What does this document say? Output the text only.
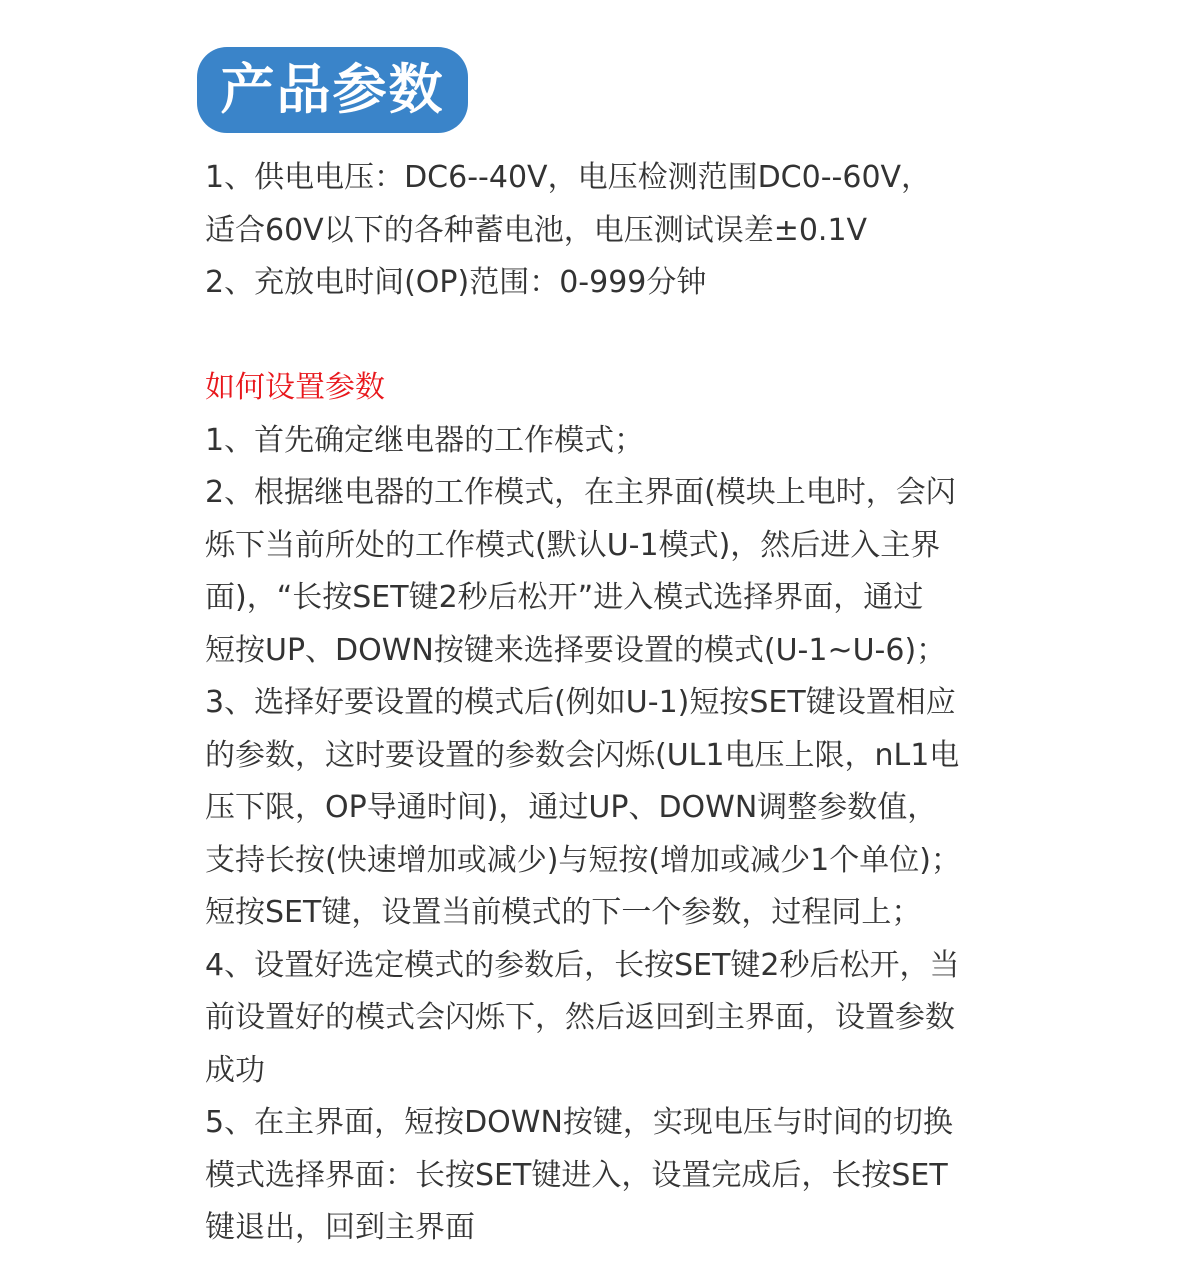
产品参数
1、供电电压：DC6--40V，电压检测范围DC0--60V，
适合60V以下的各种蓄电池，电压测试误差±0.1V
2、充放电时间(OP)范围：0-999分钟
如何设置参数
1、首先确定继电器的工作模式；
2、根据继电器的工作模式，在主界面(模块上电时，会闪
烁下当前所处的工作模式(默认U-1模式)，然后进入主界
面)，“长按SET键2秒后松开”进入模式选择界面，通过
短按UP、DOWN按键来选择要设置的模式(U-1~U-6)；
3、选择好要设置的模式后(例如U-1)短按SET键设置相应
的参数，这时要设置的参数会闪烁(UL1电压上限，nL1电
压下限，OP导通时间)，通过UP、DOWN调整参数值，
支持长按(快速增加或减少)与短按(增加或减少1个单位)；
短按SET键，设置当前模式的下一个参数，过程同上；
4、设置好选定模式的参数后，长按SET键2秒后松开，当
前设置好的模式会闪烁下，然后返回到主界面，设置参数
成功
5、在主界面，短按DOWN按键，实现电压与时间的切换
模式选择界面：长按SET键进入，设置完成后，长按SET
键退出，回到主界面
